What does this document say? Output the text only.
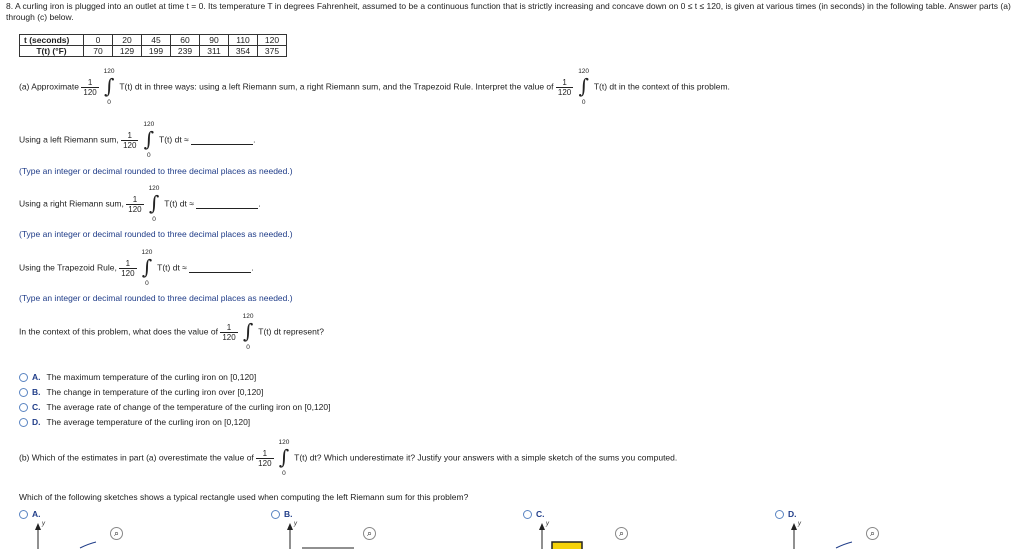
8. A curling iron is plugged into an outlet at time t = 0. Its temperature T in degrees Fahrenheit, assumed to be a continuous function that is strictly increasing and concave down on 0 ≤ t ≤ 120, is given at various times (in seconds) in the following table. Answer parts (a) through (c) below.
t (seconds)	0	20	45	60	90	110	120
T(t) (°F)	70	129	199	239	311	354	375
(a) Approximate $\frac{1}{120}$

120
∫
0
T(t) dt in three ways: using a left Riemann sum, a right Riemann sum, and the Trapezoid Rule. Interpret the value of $\frac{1}{120}$

120
∫
0
T(t) dt in the context of this problem.
Using a left Riemann sum, $\frac{1}{120}$

120
∫
0
T(t) dt ≈	.
(Type an integer or decimal rounded to three decimal places as needed.)
Using a right Riemann sum, $\frac{1}{120}$

120
∫
0
T(t) dt ≈	.
(Type an integer or decimal rounded to three decimal places as needed.)
Using the Trapezoid Rule, $\frac{1}{120}$

120
∫
0
T(t) dt ≈	.
(Type an integer or decimal rounded to three decimal places as needed.)
In the context of this problem, what does the value of $\frac{1}{120}$

120
∫
0
T(t) dt represent?
A. The maximum temperature of the curling iron on [0,120]
B. The change in temperature of the curling iron over [0,120]
C. The average rate of change of the temperature of the curling iron on [0,120]
D. The average temperature of the curling iron on [0,120]
(b) Which of the estimates in part (a) overestimate the value of $\frac{1}{120}$

120
∫
0
T(t) dt? Which underestimate it? Justify your answers with a simple sketch of the sums you computed.
Which of the following sketches shows a typical rectangle used when computing the left Riemann sum for this problem?
A.	B.	C.	D.
y
⌕
y
⌕
y
⌕
y
⌕
